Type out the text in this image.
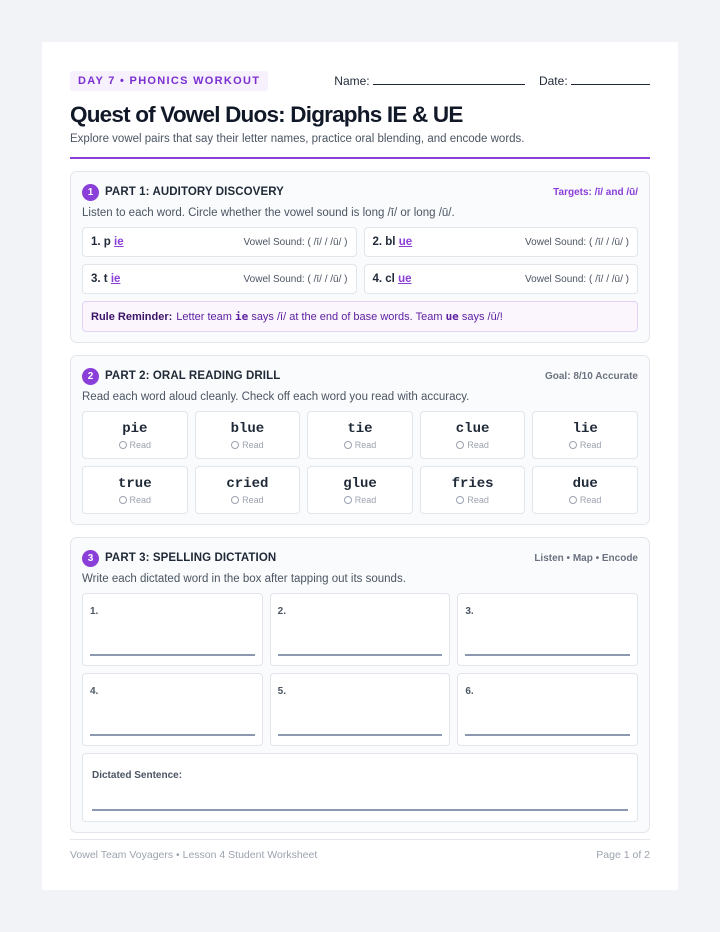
DAY 7 • PHONICS WORKOUT	Name:	Date:
Quest of Vowel Duos: Digraphs IE & UE

Explore vowel pairs that say their letter names, practice oral blending, and encode words.

1	PART 1: AUDITORY DISCOVERY	Targets: /ī/ and /ū/

Listen to each word. Circle whether the vowel sound is long /ī/ or long /ū/.

1. p ie	Vowel Sound: ( /ī/ / /ū/ ) 2. bl ue	Vowel Sound: ( /ī/ / /ū/ )
3. t ie	Vowel Sound: ( /ī/ / /ū/ ) 4. cl ue	Vowel Sound: ( /ī/ / /ū/ )
Rule Reminder: Letter team
ie
says /ī/ at the end of base words. Team
ue
says /ū/!
2	PART 2: ORAL READING DRILL	Goal: 8/10 Accurate

Read each word aloud cleanly. Check off each word you read with accuracy.

pie
Read
blue
Read
tie
Read
clue
Read
lie
Read
true
Read
cried
Read
glue
Read
fries
Read
due
Read
3	PART 3: SPELLING DICTATION	Listen • Map • Encode

Write each dictated word in the box after tapping out its sounds.

1.	2.	3.
4.	5.	6.
Dictated Sentence:
Vowel Team Voyagers • Lesson 4 Student Worksheet	Page 1 of 2
